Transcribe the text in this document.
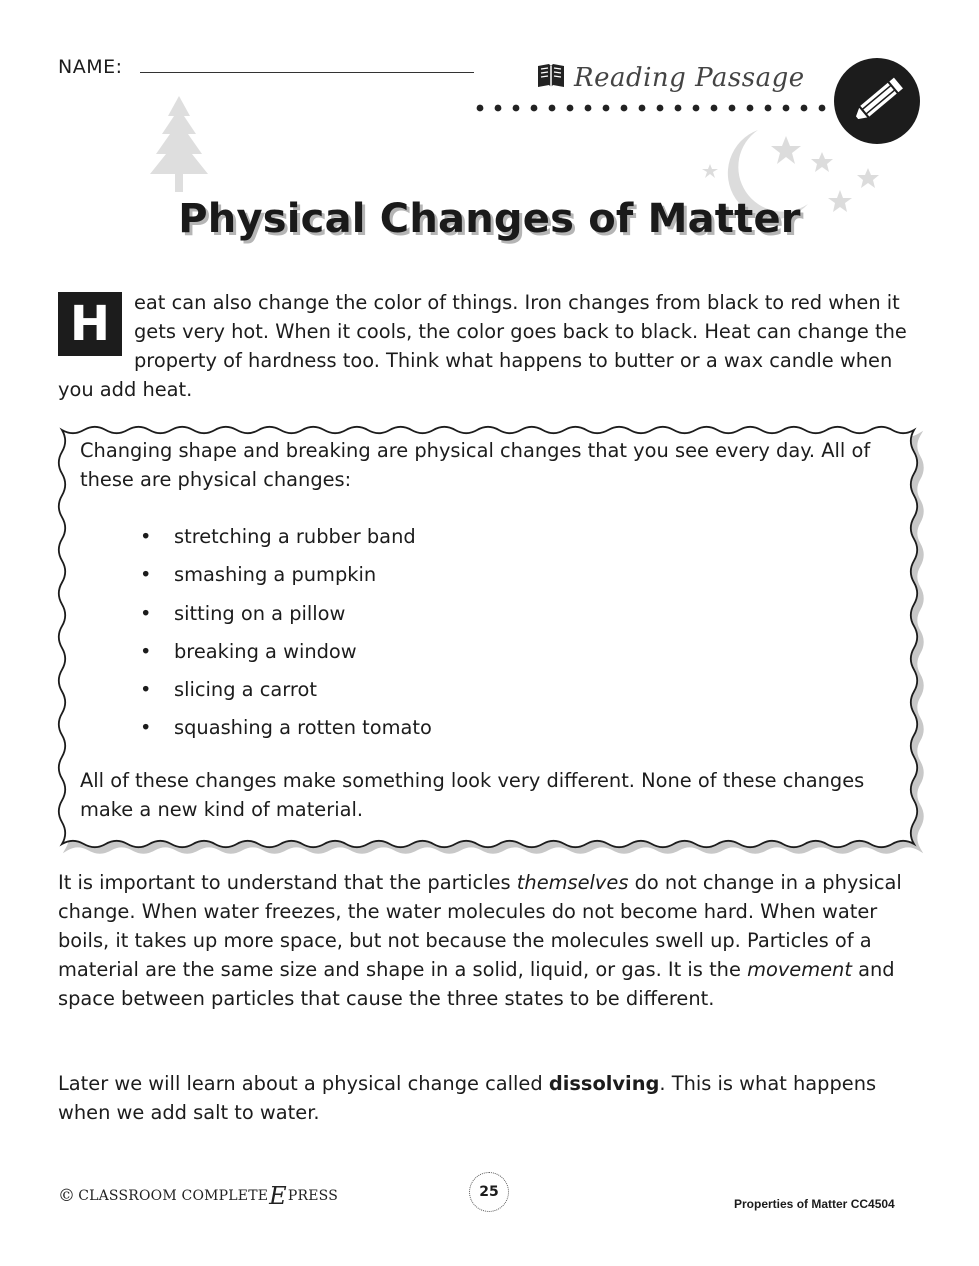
NAME:	Reading Passage
Physical Changes of Matter
H	eat can also change the color of things. Iron changes from black to red when it gets very hot. When it cools, the color goes back to black. Heat can change the property of hardness too. Think what happens to butter or a wax candle when you add heat.

Changing shape and breaking are physical changes that you see every day. All of these are physical changes:

• stretching a rubber band
• smashing a pumpkin
• sitting on a pillow
• breaking a window
• slicing a carrot
• squashing a rotten tomato

All of these changes make something look very different. None of these changes make a new kind of material.

It is important to understand that the particles themselves do not change in a physical change. When water freezes, the water molecules do not become hard. When water boils, it takes up more space, but not because the molecules swell up. Particles of a material are the same size and shape in a solid, liquid, or gas. It is the movement and space between particles that cause the three states to be different.

Later we will learn about a physical change called dissolving. This is what happens when we add salt to water.

© CLASSROOM COMPLETE E PRESS	25
Properties of Matter CC4504
